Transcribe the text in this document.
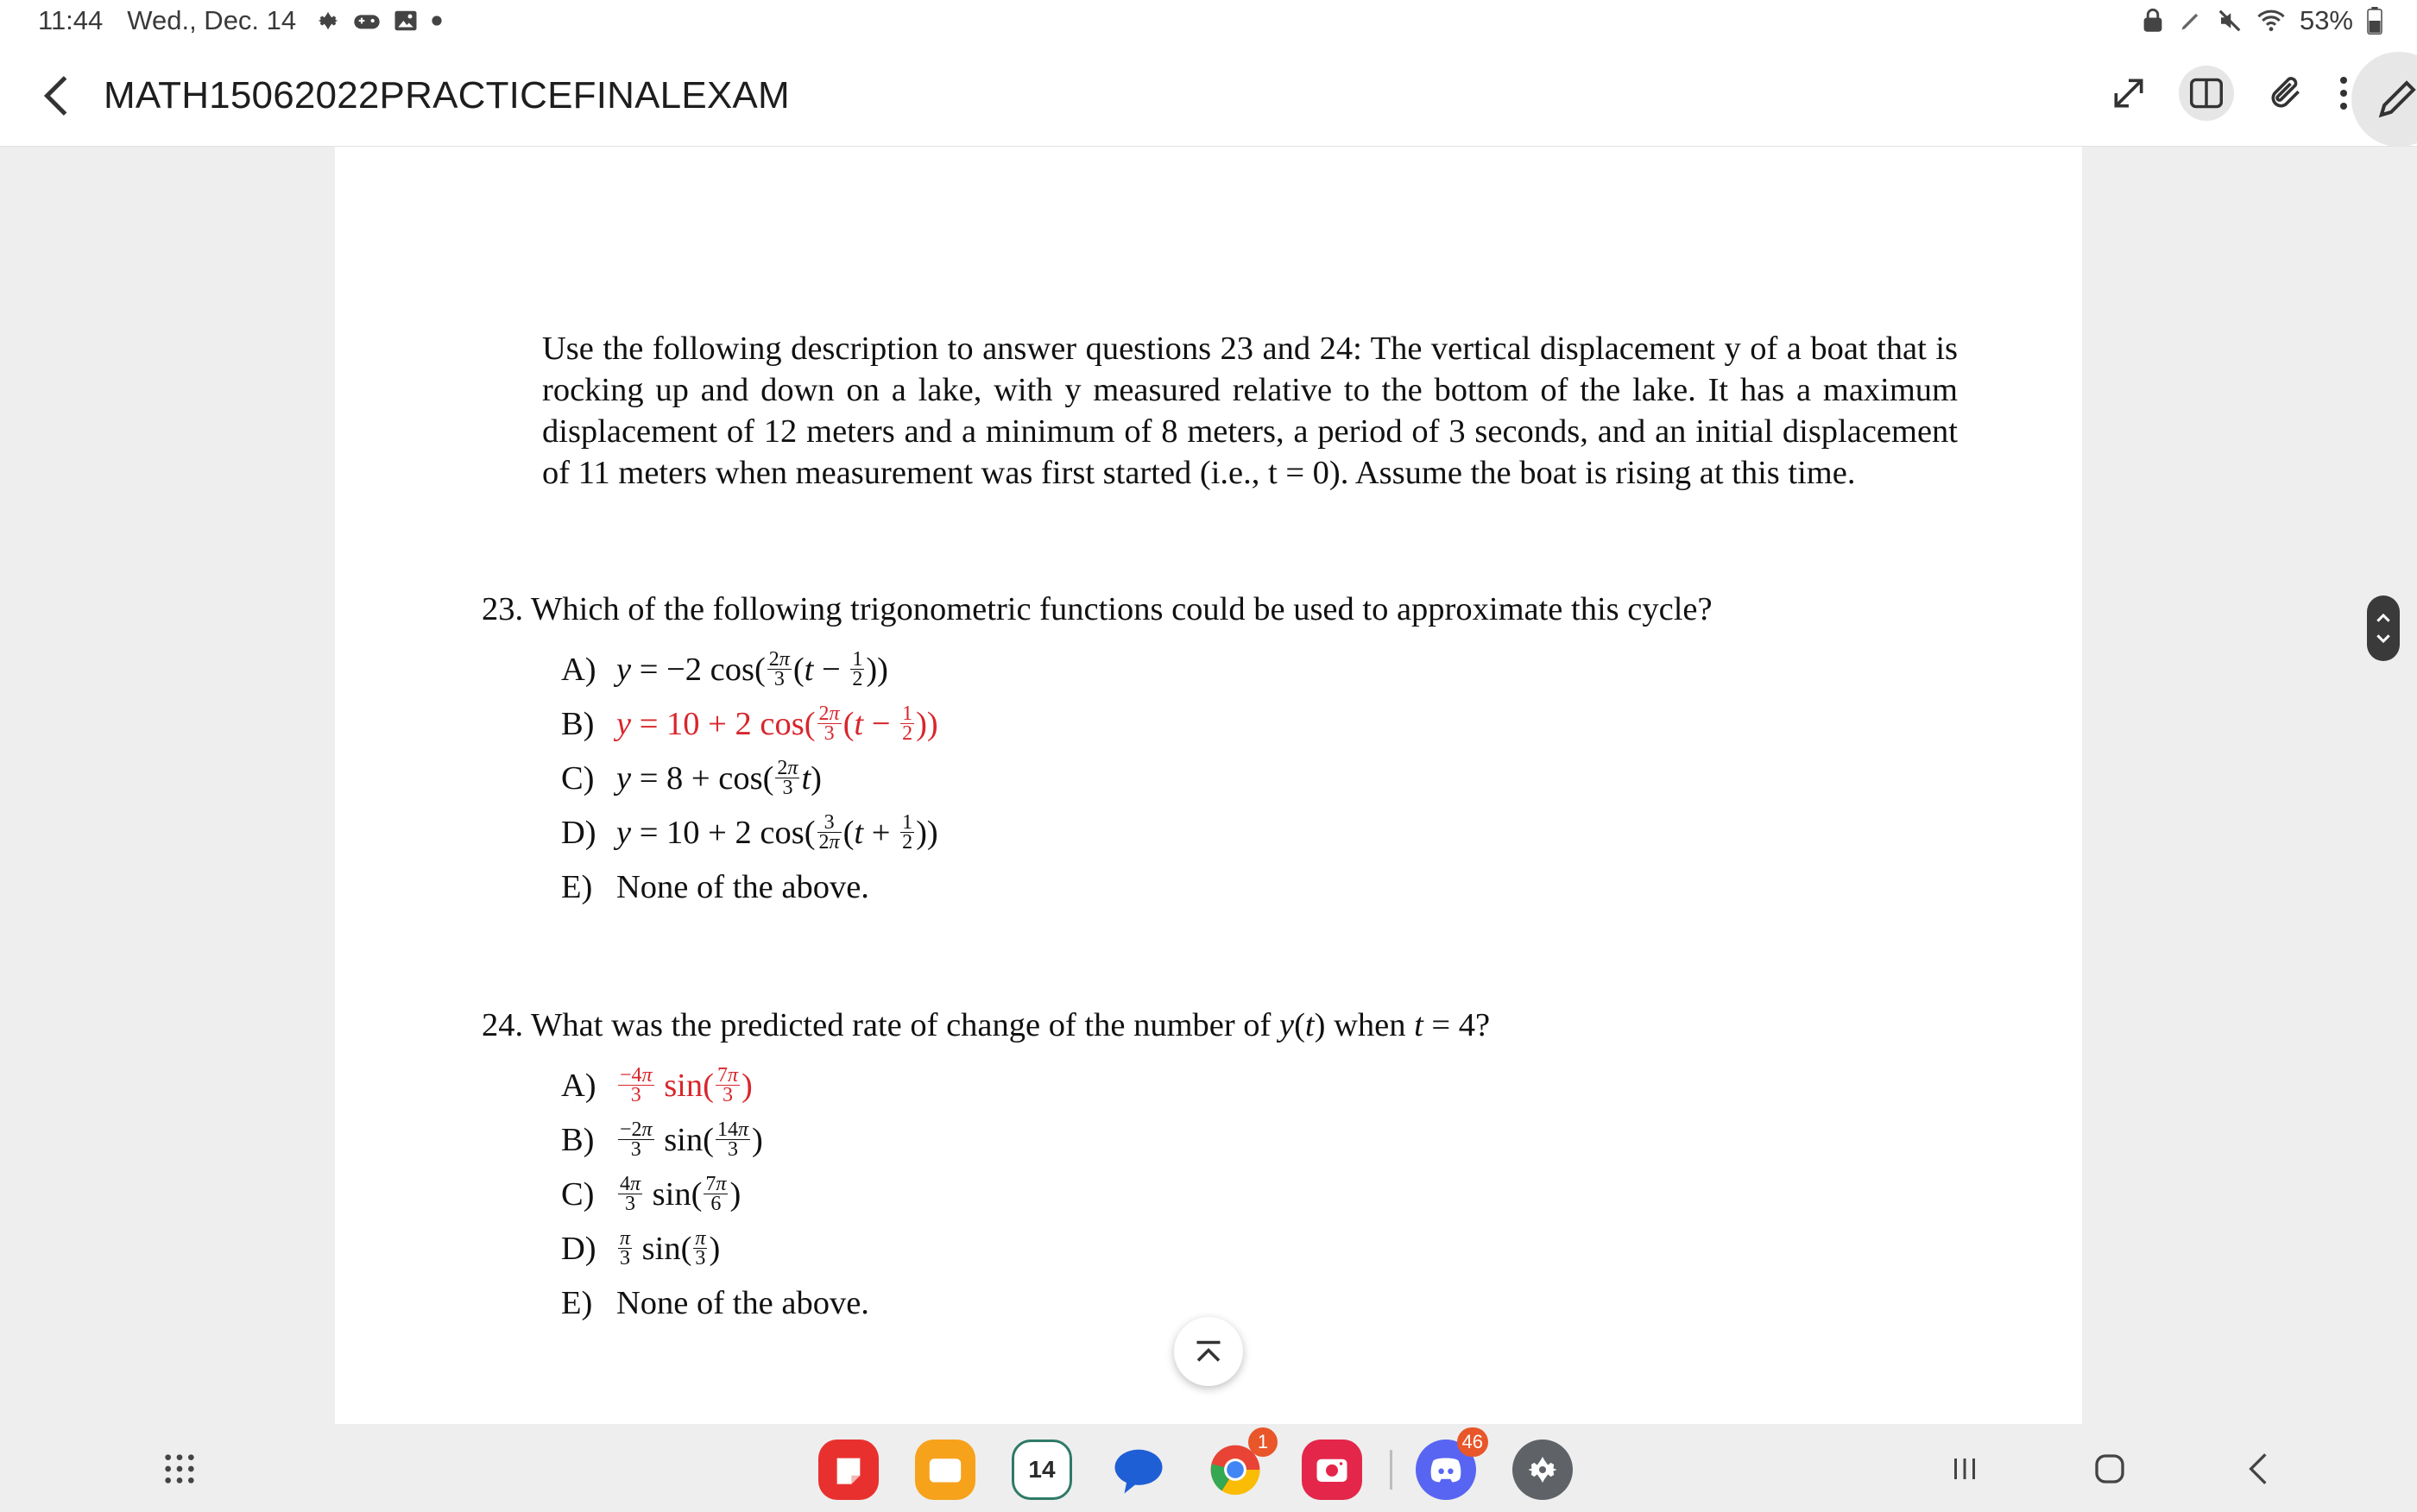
11:44 Wed., Dec. 14	53%
MATH15062022PRACTICEFINALEXAM

Use the following description to answer questions 23 and 24: The vertical displacement y of a boat that is rocking up and down on a lake, with y measured relative to the bottom of the lake. It has a maximum displacement of 12 meters and a minimum of 8 meters, a period of 3 seconds, and an initial displacement of 11 meters when measurement was first started (i.e., t = 0). Assume the boat is rising at this time.

23. Which of the following trigonometric functions could be used to approximate this cycle?
A) y = −2 $\cos( \frac{2\pi}{3} (t - \frac{1}{2}$ ))
B) y = 10 + 2 $\cos( \frac{2\pi}{3} (t - \frac{1}{2}$ ))
C) $y = 8 + \cos( \frac{2\pi}{3} t)$
D) y = 10 + 2 $\cos( \frac{3}{2\pi} (t + \frac{1}{2}$ ))
E) None of the above.
24. What was the predicted rate of change of the number of y(t) when t = 4?
$A) \frac{-4\pi}{3} \sin( \frac{7\pi}{3}$ )
$B) \frac{-2\pi}{3} \sin( \frac{14\pi}{3}$ )
$C) \frac{4\pi}{3} \sin( \frac{7\pi}{6}$ )
$D) \frac{\pi}{3} \sin( \frac{\pi}{3}$ )
E) None of the above.
14
1	46
